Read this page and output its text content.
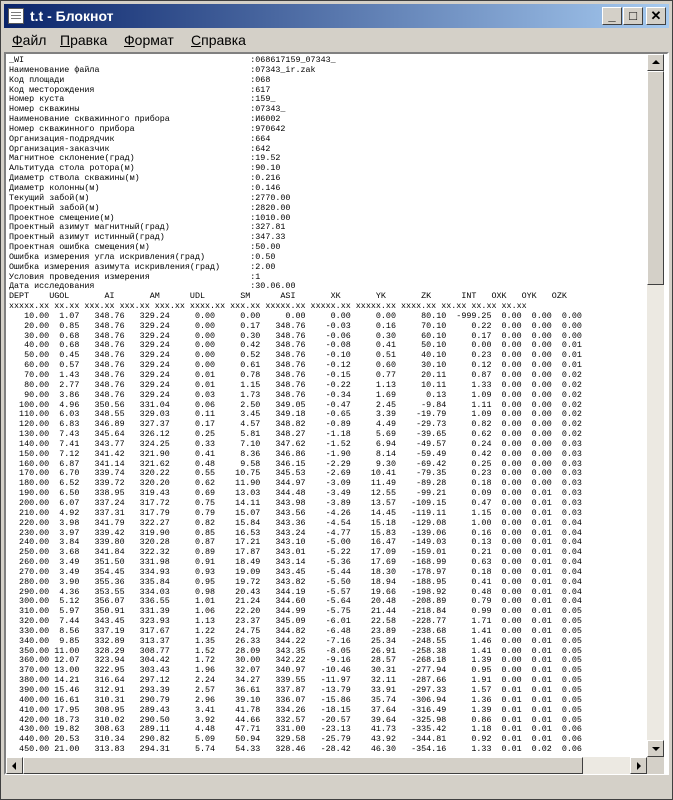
t.t - Блокнот	_	□	✕
Файл Правка Формат Справка
_WI                                             :068617159_07343_
Наименование файла                              :07343_ir.zak
Код площади                                     :068
Код месторождения                               :617
Номер куста                                     :159_
Номер скважины                                  :07343_
Наименование скважинного прибора                :И6002
Номер скважинного прибора                       :970642
Организация-подрядчик                           :664
Организация-заказчик                            :642
Магнитное склонение(град)                       :19.52
Альтитуда стола ротора(м)                       :90.10
Диаметр ствола скважины(м)                      :0.216
Диаметр колонны(м)                              :0.146
Текущий забой(м)                                :2770.00
Проектный забой(м)                              :2820.00
Проектное смещение(м)                           :1010.00
Проектный азимут магнитный(град)                :327.81
Проектный азимут истинный(град)                 :347.33
Проектная ошибка смещения(м)                    :50.00
Ошибка измерения угла искривления(град)         :0.50
Ошибка измерения азимута искривления(град)      :2.00
Условия проведения измерения                    :1
Дата исследования                               :30.06.00
DEPT    UGOL       AI       AM      UDL       SM      ASI       XK       YK       ZK      INT   OXK   OYK   OZK
xxxxx.xx xx.xx xxx.xx xxx.xx xxx.xx xxxx.xx xxx.xx xxxxx.xx xxxxx.xx xxxxx.xx xxxx.xx xx.xx xx.xx xx.xx
10.00  1.07   348.76   329.24     0.00     0.00     0.00     0.00     0.00     80.10  -999.25  0.00  0.00  0.00
20.00  0.85   348.76   329.24     0.00     0.17   348.76    -0.03     0.16     70.10     0.22  0.00  0.00  0.00
30.00  0.68   348.76   329.24     0.00     0.30   348.76    -0.06     0.30     60.10     0.17  0.00  0.00  0.00
40.00  0.68   348.76   329.24     0.00     0.42   348.76    -0.08     0.41     50.10     0.00  0.00  0.00  0.01
50.00  0.45   348.76   329.24     0.00     0.52   348.76    -0.10     0.51     40.10     0.23  0.00  0.00  0.01
60.00  0.57   348.76   329.24     0.00     0.61   348.76    -0.12     0.60     30.10     0.12  0.00  0.00  0.01
70.00  1.43   348.76   329.24     0.01     0.78   348.76    -0.15     0.77     20.11     0.87  0.00  0.00  0.02
80.00  2.77   348.76   329.24     0.01     1.15   348.76    -0.22     1.13     10.11     1.33  0.00  0.00  0.02
90.00  3.86   348.76   329.24     0.03     1.73   348.76    -0.34     1.69      0.13     1.09  0.00  0.00  0.02
100.00  4.96   350.56   331.04     0.06     2.50   349.05    -0.47     2.45     -9.84     1.11  0.00  0.00  0.02
110.00  6.03   348.55   329.03     0.11     3.45   349.18    -0.65     3.39    -19.79     1.09  0.00  0.00  0.02
120.00  6.83   346.89   327.37     0.17     4.57   348.82    -0.89     4.49    -29.73     0.82  0.00  0.00  0.02
130.00  7.43   345.64   326.12     0.25     5.81   348.27    -1.18     5.69    -39.65     0.62  0.00  0.00  0.02
140.00  7.41   343.77   324.25     0.33     7.10   347.62    -1.52     6.94    -49.57     0.24  0.00  0.00  0.03
150.00  7.12   341.42   321.90     0.41     8.36   346.86    -1.90     8.14    -59.49     0.42  0.00  0.00  0.03
160.00  6.87   341.14   321.62     0.48     9.58   346.15    -2.29     9.30    -69.42     0.25  0.00  0.00  0.03
170.00  6.70   339.74   320.22     0.55    10.75   345.53    -2.69    10.41    -79.35     0.23  0.00  0.00  0.03
180.00  6.52   339.72   320.20     0.62    11.90   344.97    -3.09    11.49    -89.28     0.18  0.00  0.00  0.03
190.00  6.50   338.95   319.43     0.69    13.03   344.48    -3.49    12.55    -99.21     0.09  0.00  0.01  0.03
200.00  6.07   337.24   317.72     0.75    14.11   343.98    -3.89    13.57   -109.15     0.47  0.00  0.01  0.03
210.00  4.92   337.31   317.79     0.79    15.07   343.56    -4.26    14.45   -119.11     1.15  0.00  0.01  0.03
220.00  3.98   341.79   322.27     0.82    15.84   343.36    -4.54    15.18   -129.08     1.00  0.00  0.01  0.04
230.00  3.97   339.42   319.90     0.85    16.53   343.24    -4.77    15.83   -139.06     0.16  0.00  0.01  0.04
240.00  3.84   339.80   320.28     0.87    17.21   343.10    -5.00    16.47   -149.03     0.13  0.00  0.01  0.04
250.00  3.68   341.84   322.32     0.89    17.87   343.01    -5.22    17.09   -159.01     0.21  0.00  0.01  0.04
260.00  3.49   351.50   331.98     0.91    18.49   343.14    -5.36    17.69   -168.99     0.63  0.00  0.01  0.04
270.00  3.49   354.45   334.93     0.93    19.09   343.45    -5.44    18.30   -178.97     0.18  0.00  0.01  0.04
280.00  3.90   355.36   335.84     0.95    19.72   343.82    -5.50    18.94   -188.95     0.41  0.00  0.01  0.04
290.00  4.36   353.55   334.03     0.98    20.43   344.19    -5.57    19.66   -198.92     0.48  0.00  0.01  0.04
300.00  5.12   356.07   336.55     1.01    21.24   344.60    -5.64    20.48   -208.89     0.79  0.00  0.01  0.04
310.00  5.97   350.91   331.39     1.06    22.20   344.99    -5.75    21.44   -218.84     0.99  0.00  0.01  0.05
320.00  7.44   343.45   323.93     1.13    23.37   345.09    -6.01    22.58   -228.77     1.71  0.00  0.01  0.05
330.00  8.56   337.19   317.67     1.22    24.75   344.82    -6.48    23.89   -238.68     1.41  0.00  0.01  0.05
340.00  9.85   332.89   313.37     1.35    26.33   344.22    -7.16    25.34   -248.55     1.46  0.00  0.01  0.05
350.00 11.00   328.29   308.77     1.52    28.09   343.35    -8.05    26.91   -258.38     1.41  0.00  0.01  0.05
360.00 12.07   323.94   304.42     1.72    30.00   342.22    -9.16    28.57   -268.18     1.39  0.00  0.01  0.05
370.00 13.00   322.95   303.43     1.96    32.07   340.97   -10.46    30.31   -277.94     0.95  0.00  0.01  0.05
380.00 14.21   316.64   297.12     2.24    34.27   339.55   -11.97    32.11   -287.66     1.91  0.00  0.01  0.05
390.00 15.46   312.91   293.39     2.57    36.61   337.87   -13.79    33.91   -297.33     1.57  0.01  0.01  0.05
400.00 16.61   310.31   290.79     2.96    39.10   336.07   -15.86    35.74   -306.94     1.36  0.01  0.01  0.05
410.00 17.95   308.95   289.43     3.41    41.78   334.26   -18.15    37.64   -316.49     1.39  0.01  0.01  0.05
420.00 18.73   310.02   290.50     3.92    44.66   332.57   -20.57    39.64   -325.98     0.86  0.01  0.01  0.05
430.00 19.82   308.63   289.11     4.48    47.71   331.00   -23.13    41.73   -335.42     1.18  0.01  0.01  0.06
440.00 20.53   310.34   290.82     5.09    50.94   329.58   -25.79    43.92   -344.81     0.92  0.01  0.01  0.06
450.00 21.00   313.83   294.31     5.74    54.33   328.46   -28.42    46.30   -354.16     1.33  0.01  0.02  0.06
